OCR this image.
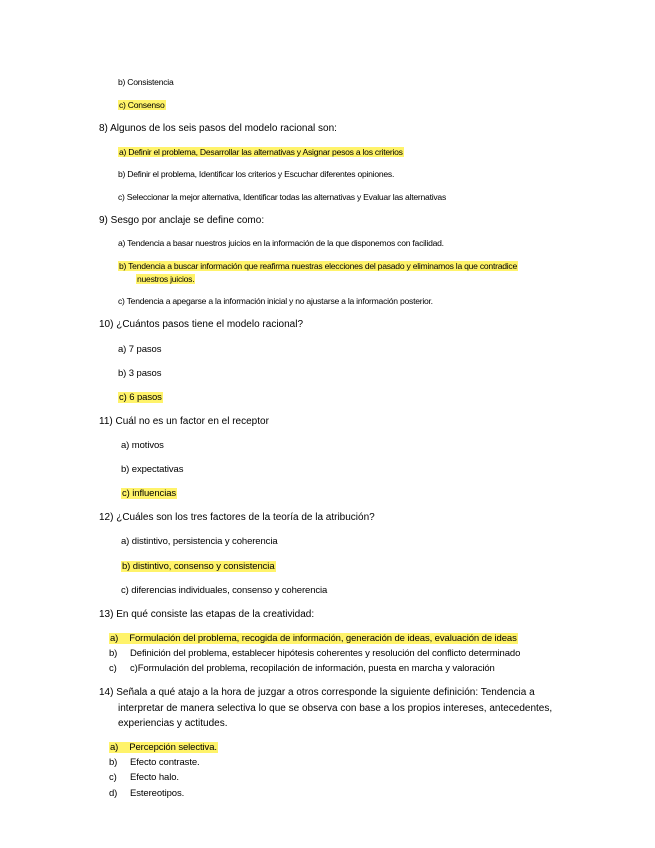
b) Consistencia
c) Consenso
8) Algunos de los seis pasos del modelo racional son:
a) Definir el problema, Desarrollar las alternativas y Asignar pesos a los criterios
b) Definir el problema, Identificar los criterios y Escuchar diferentes opiniones.
c) Seleccionar la mejor alternativa, Identificar todas las alternativas y Evaluar las alternativas
9) Sesgo por anclaje se define como:
a) Tendencia a basar nuestros juicios en la información de la que disponemos con facilidad.
b) Tendencia a buscar información que reafirma nuestras elecciones del pasado y eliminamos la que contradice
nuestros juicios.
c) Tendencia a apegarse a la información inicial y no ajustarse a la información posterior.
10) ¿Cuántos pasos tiene el modelo racional?
a) 7 pasos
b) 3 pasos
c) 6 pasos
11) Cuál no es un factor en el receptor
a) motivos
b) expectativas
c) influencias
12) ¿Cuáles son los tres factores de la teoría de la atribución?
a) distintivo, persistencia y coherencia
b) distintivo, consenso y consistencia
c) diferencias individuales, consenso y coherencia
13) En qué consiste las etapas de la creatividad:
a) Formulación del problema, recogida de información, generación de ideas, evaluación de ideas
b) Definición del problema, establecer hipótesis coherentes y resolución del conflicto determinado
c) c)Formulación del problema, recopilación de información, puesta en marcha y valoración
14) Señala a qué atajo a la hora de juzgar a otros corresponde la siguiente definición: Tendencia a
interpretar de manera selectiva lo que se observa con base a los propios intereses, antecedentes,
experiencias y actitudes.
a) Percepción selectiva.
b) Efecto contraste.
c) Efecto halo.
d) Estereotipos.
